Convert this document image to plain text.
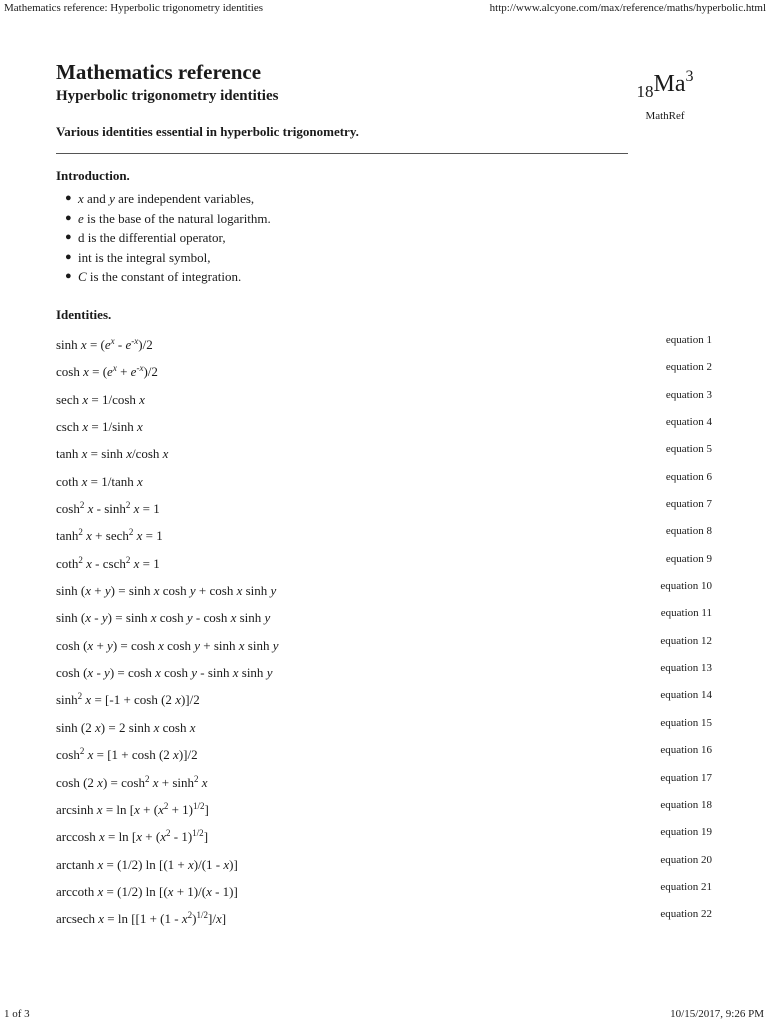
Mathematics reference: Hyperbolic trigonometry identities	http://www.alcyone.com/max/reference/maths/hyperbolic.html
Mathematics reference
Hyperbolic trigonometry identities	$_{18}Ma^3$
MathRef
Various identities essential in hyperbolic trigonometry.
Introduction.
● x and y are independent variables,
● e is the base of the natural logarithm.
● d is the differential operator,
● int is the integral symbol,
● C is the constant of integration.
Identities.
$\sinh x = (e^x - e^{-x})/2$	equation 1
$\cosh x = (e^x + e^{-x})/2$	equation 2
sech x = 1/cosh x	equation 3
csch x = 1/sinh x	equation 4
tanh x = sinh x/cosh x	equation 5
coth x = 1/tanh x	equation 6
$\cosh^2 x - \sinh^2 x = 1$	equation 7
$\tanh^2 x + \sec h^2$ x = 1	equation 8
coth$^2$ x - csch$^2$ x = 1	equation 9
sinh (x + y) = sinh x cosh y + cosh x sinh y	equation 10
sinh (x - y) = sinh x cosh y - cosh x sinh y	equation 11
cosh (x + y) = cosh x cosh y + sinh x sinh y	equation 12
cosh (x - y) = cosh x cosh y - sinh x sinh y	equation 13
$\sinh^2 x = [-1 + \cosh (2$ x)]/2	equation 14
sinh (2 x) = 2 sinh x cosh x	equation 15
$\cosh^2 x = [1 + \cosh (2$ x)]/2	equation 16
cosh (2 $x) = \cosh^2 x + \sinh^2 x$	equation 17
arcsinh $x = \ln [x + (x^2 + 1)^{1/2}]$	equation 18
arccosh $x = \ln [x + (x^2 - 1)^{1/2}]$	equation 19
arctanh x = (1/2) ln [(1 + x)/(1 - x)]	equation 20
arccoth x = (1/2) ln [(x + 1)/(x - 1)]	equation 21
arcsech $x = \ln [[1 + (1 - x^2)^{1/2}]/x]$	equation 22
1 of 3	10/15/2017, 9:26 PM
